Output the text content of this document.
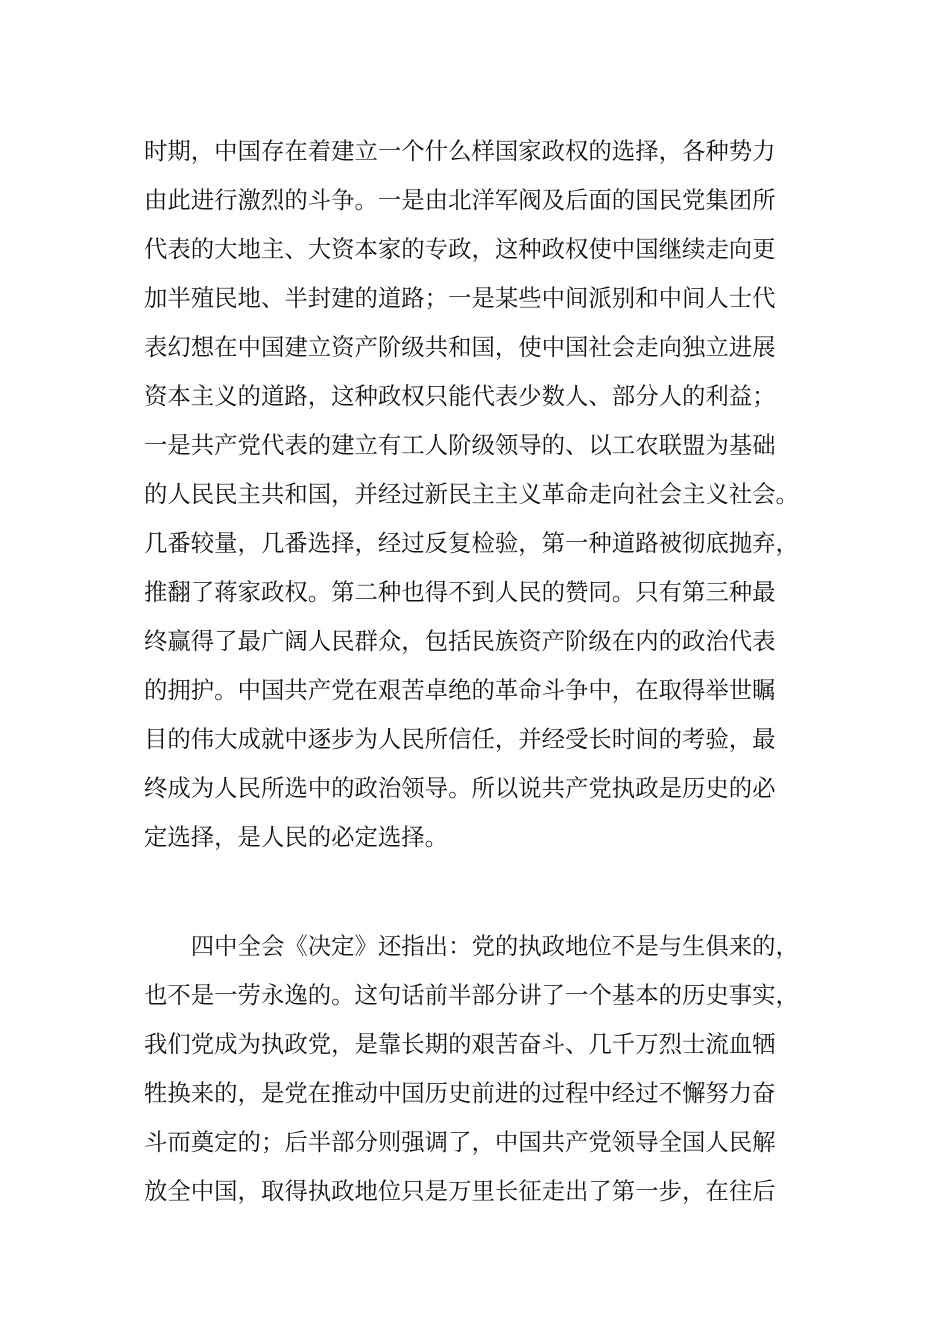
时期，中国存在着建立一个什么样国家政权的选择，各种势力
由此进行激烈的斗争。一是由北洋军阀及后面的国民党集团所
代表的大地主、大资本家的专政，这种政权使中国继续走向更
加半殖民地、半封建的道路；一是某些中间派别和中间人士代
表幻想在中国建立资产阶级共和国，使中国社会走向独立进展
资本主义的道路，这种政权只能代表少数人、部分人的利益；
一是共产党代表的建立有工人阶级领导的、以工农联盟为基础
的人民民主共和国，并经过新民主主义革命走向社会主义社会。
几番较量，几番选择，经过反复检验，第一种道路被彻底抛弃，
推翻了蒋家政权。第二种也得不到人民的赞同。只有第三种最
终赢得了最广阔人民群众，包括民族资产阶级在内的政治代表
的拥护。中国共产党在艰苦卓绝的革命斗争中，在取得举世瞩
目的伟大成就中逐步为人民所信任，并经受长时间的考验，最
终成为人民所选中的政治领导。所以说共产党执政是历史的必
定选择，是人民的必定选择。
　　四中全会《决定》还指出：党的执政地位不是与生俱来的，
也不是一劳永逸的。这句话前半部分讲了一个基本的历史事实，
我们党成为执政党，是靠长期的艰苦奋斗、几千万烈士流血牺
牲换来的，是党在推动中国历史前进的过程中经过不懈努力奋
斗而奠定的；后半部分则强调了，中国共产党领导全国人民解
放全中国，取得执政地位只是万里长征走出了第一步，在往后
